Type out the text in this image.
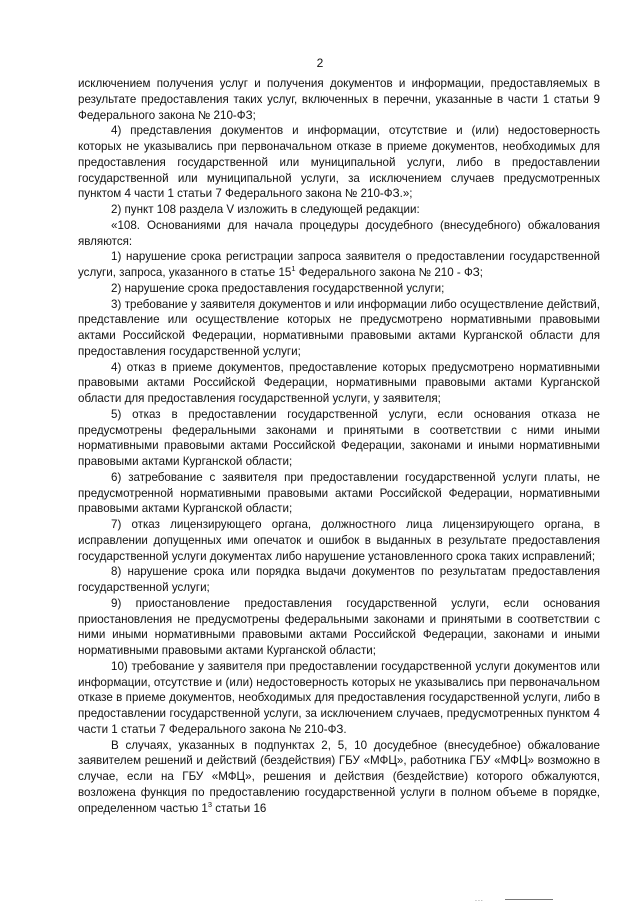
2

исключением получения услуг и получения документов и информации, предоставляемых в результате предоставления таких услуг, включенных в перечни, указанные в части 1 статьи 9 Федерального закона № 210-ФЗ;

4) представления документов и информации, отсутствие и (или) недостоверность которых не указывались при первоначальном отказе в приеме документов, необходимых для предоставления государственной или муниципальной услуги, либо в предоставлении государственной или муниципальной услуги, за исключением случаев предусмотренных пунктом 4 части 1 статьи 7 Федерального закона № 210-ФЗ.»;

2) пункт 108 раздела V изложить в следующей редакции:

«108. Основаниями для начала процедуры досудебного (внесудебного) обжалования являются:

1) нарушение срока регистрации запроса заявителя о предоставлении государственной услуги, запроса, указанного в статье $15^1$ Федерального закона № 210 - ФЗ;

2) нарушение срока предоставления государственной услуги;

3) требование у заявителя документов и или информации либо осуществление действий, представление или осуществление которых не предусмотрено нормативными правовыми актами Российской Федерации, нормативными правовыми актами Курганской области для предоставления государственной услуги;

4) отказ в приеме документов, предоставление которых предусмотрено нормативными правовыми актами Российской Федерации, нормативными правовыми актами Курганской области для предоставления государственной услуги, у заявителя;

5) отказ в предоставлении государственной услуги, если основания отказа не предусмотрены федеральными законами и принятыми в соответствии с ними иными нормативными правовыми актами Российской Федерации, законами и иными нормативными правовыми актами Курганской области;

6) затребование с заявителя при предоставлении государственной услуги платы, не предусмотренной нормативными правовыми актами Российской Федерации, нормативными правовыми актами Курганской области;

7) отказ лицензирующего органа, должностного лица лицензирующего органа, в исправлении допущенных ими опечаток и ошибок в выданных в результате предоставления государственной услуги документах либо нарушение установленного срока таких исправлений;

8) нарушение срока или порядка выдачи документов по результатам предоставления государственной услуги;

9) приостановление предоставления государственной услуги, если основания приостановления не предусмотрены федеральными законами и принятыми в соответствии с ними иными нормативными правовыми актами Российской Федерации, законами и иными нормативными правовыми актами Курганской области;

10) требование у заявителя при предоставлении государственной услуги документов или информации, отсутствие и (или) недостоверность которых не указывались при первоначальном отказе в приеме документов, необходимых для предоставления государственной услуги, либо в предоставлении государственной услуги, за исключением случаев, предусмотренных пунктом 4 части 1 статьи 7 Федерального закона № 210-ФЗ.

В случаях, указанных в подпунктах 2, 5, 10 досудебное (внесудебное) обжалование заявителем решений и действий (бездействия) ГБУ «МФЦ», работника ГБУ «МФЦ» возможно в случае, если на ГБУ «МФЦ», решения и действия (бездействие) которого обжалуются, возложена функция по предоставлению государственной услуги в полном объеме в порядке, определенном частью $1^3$ статьи 16

...
